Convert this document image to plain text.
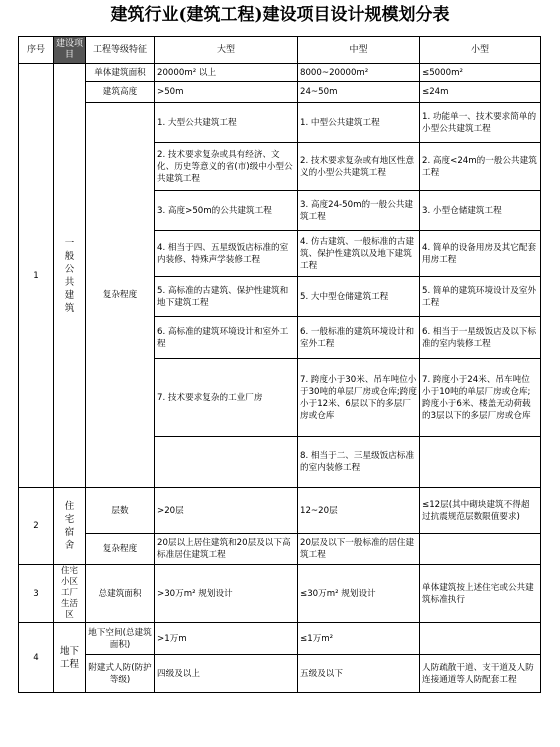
建筑行业(建筑工程)建设项目设计规模划分表
序号	建设项目	工程等级特征	大型	中型	小型
1	一般公共建筑	单体建筑面积	20000m² 以上	8000~20000m²	≤5000m²
		建筑高度	>50m	24~50m	≤24m
		复杂程度	1. 大型公共建筑工程	1. 中型公共建筑工程	1. 功能单一、技术要求简单的小型公共建筑工程
			2. 技术要求复杂或具有经济、文化、历史等意义的省(市)级中小型公共建筑工程	2. 技术要求复杂或有地区性意义的小型公共建筑工程	2. 高度<24m的一般公共建筑工程
			3. 高度>50m的公共建筑工程	3. 高度24-50m的一般公共建筑工程	3. 小型仓储建筑工程
			4. 相当于四、五星级饭店标准的室内装修、特殊声学装修工程	4. 仿古建筑、一般标准的古建筑、保护性建筑以及地下建筑工程	4. 简单的设备用房及其它配套用房工程
			5. 高标准的古建筑、保护性建筑和地下建筑工程	5. 大中型仓储建筑工程	5. 简单的建筑环境设计及室外工程
			6. 高标准的建筑环境设计和室外工程	6. 一般标准的建筑环境设计和室外工程	6. 相当于一星级饭店及以下标准的室内装修工程
			7. 技术要求复杂的工业厂房	7. 跨度小于30米、吊车吨位小于30吨的单层厂房或仓库;跨度小于12米、6层以下的多层厂房或仓库	7. 跨度小于24米、吊车吨位小于10吨的单层厂房或仓库;跨度小于6米、楼盖无动荷载的3层以下的多层厂房或仓库
				8. 相当于二、三星级饭店标准的室内装修工程	
2	住宅宿舍	层数	>20层	12~20层	≤12层(其中砌块建筑不得超过抗震规范层数限值要求)
		复杂程度	20层以上居住建筑和20层及以下高标准居住建筑工程	20层及以下一般标准的居住建筑工程	
3	住宅小区工厂生活区	总建筑面积	>30万m² 规划设计	≤30万m² 规划设计	单体建筑按上述住宅或公共建筑标准执行
4	地下工程	地下空间(总建筑面积)	>1万m	≤1万m²	
		附建式人防(防护等级)	四级及以上	五级及以下	人防疏散干道、支干道及人防连接通道等人防配套工程
